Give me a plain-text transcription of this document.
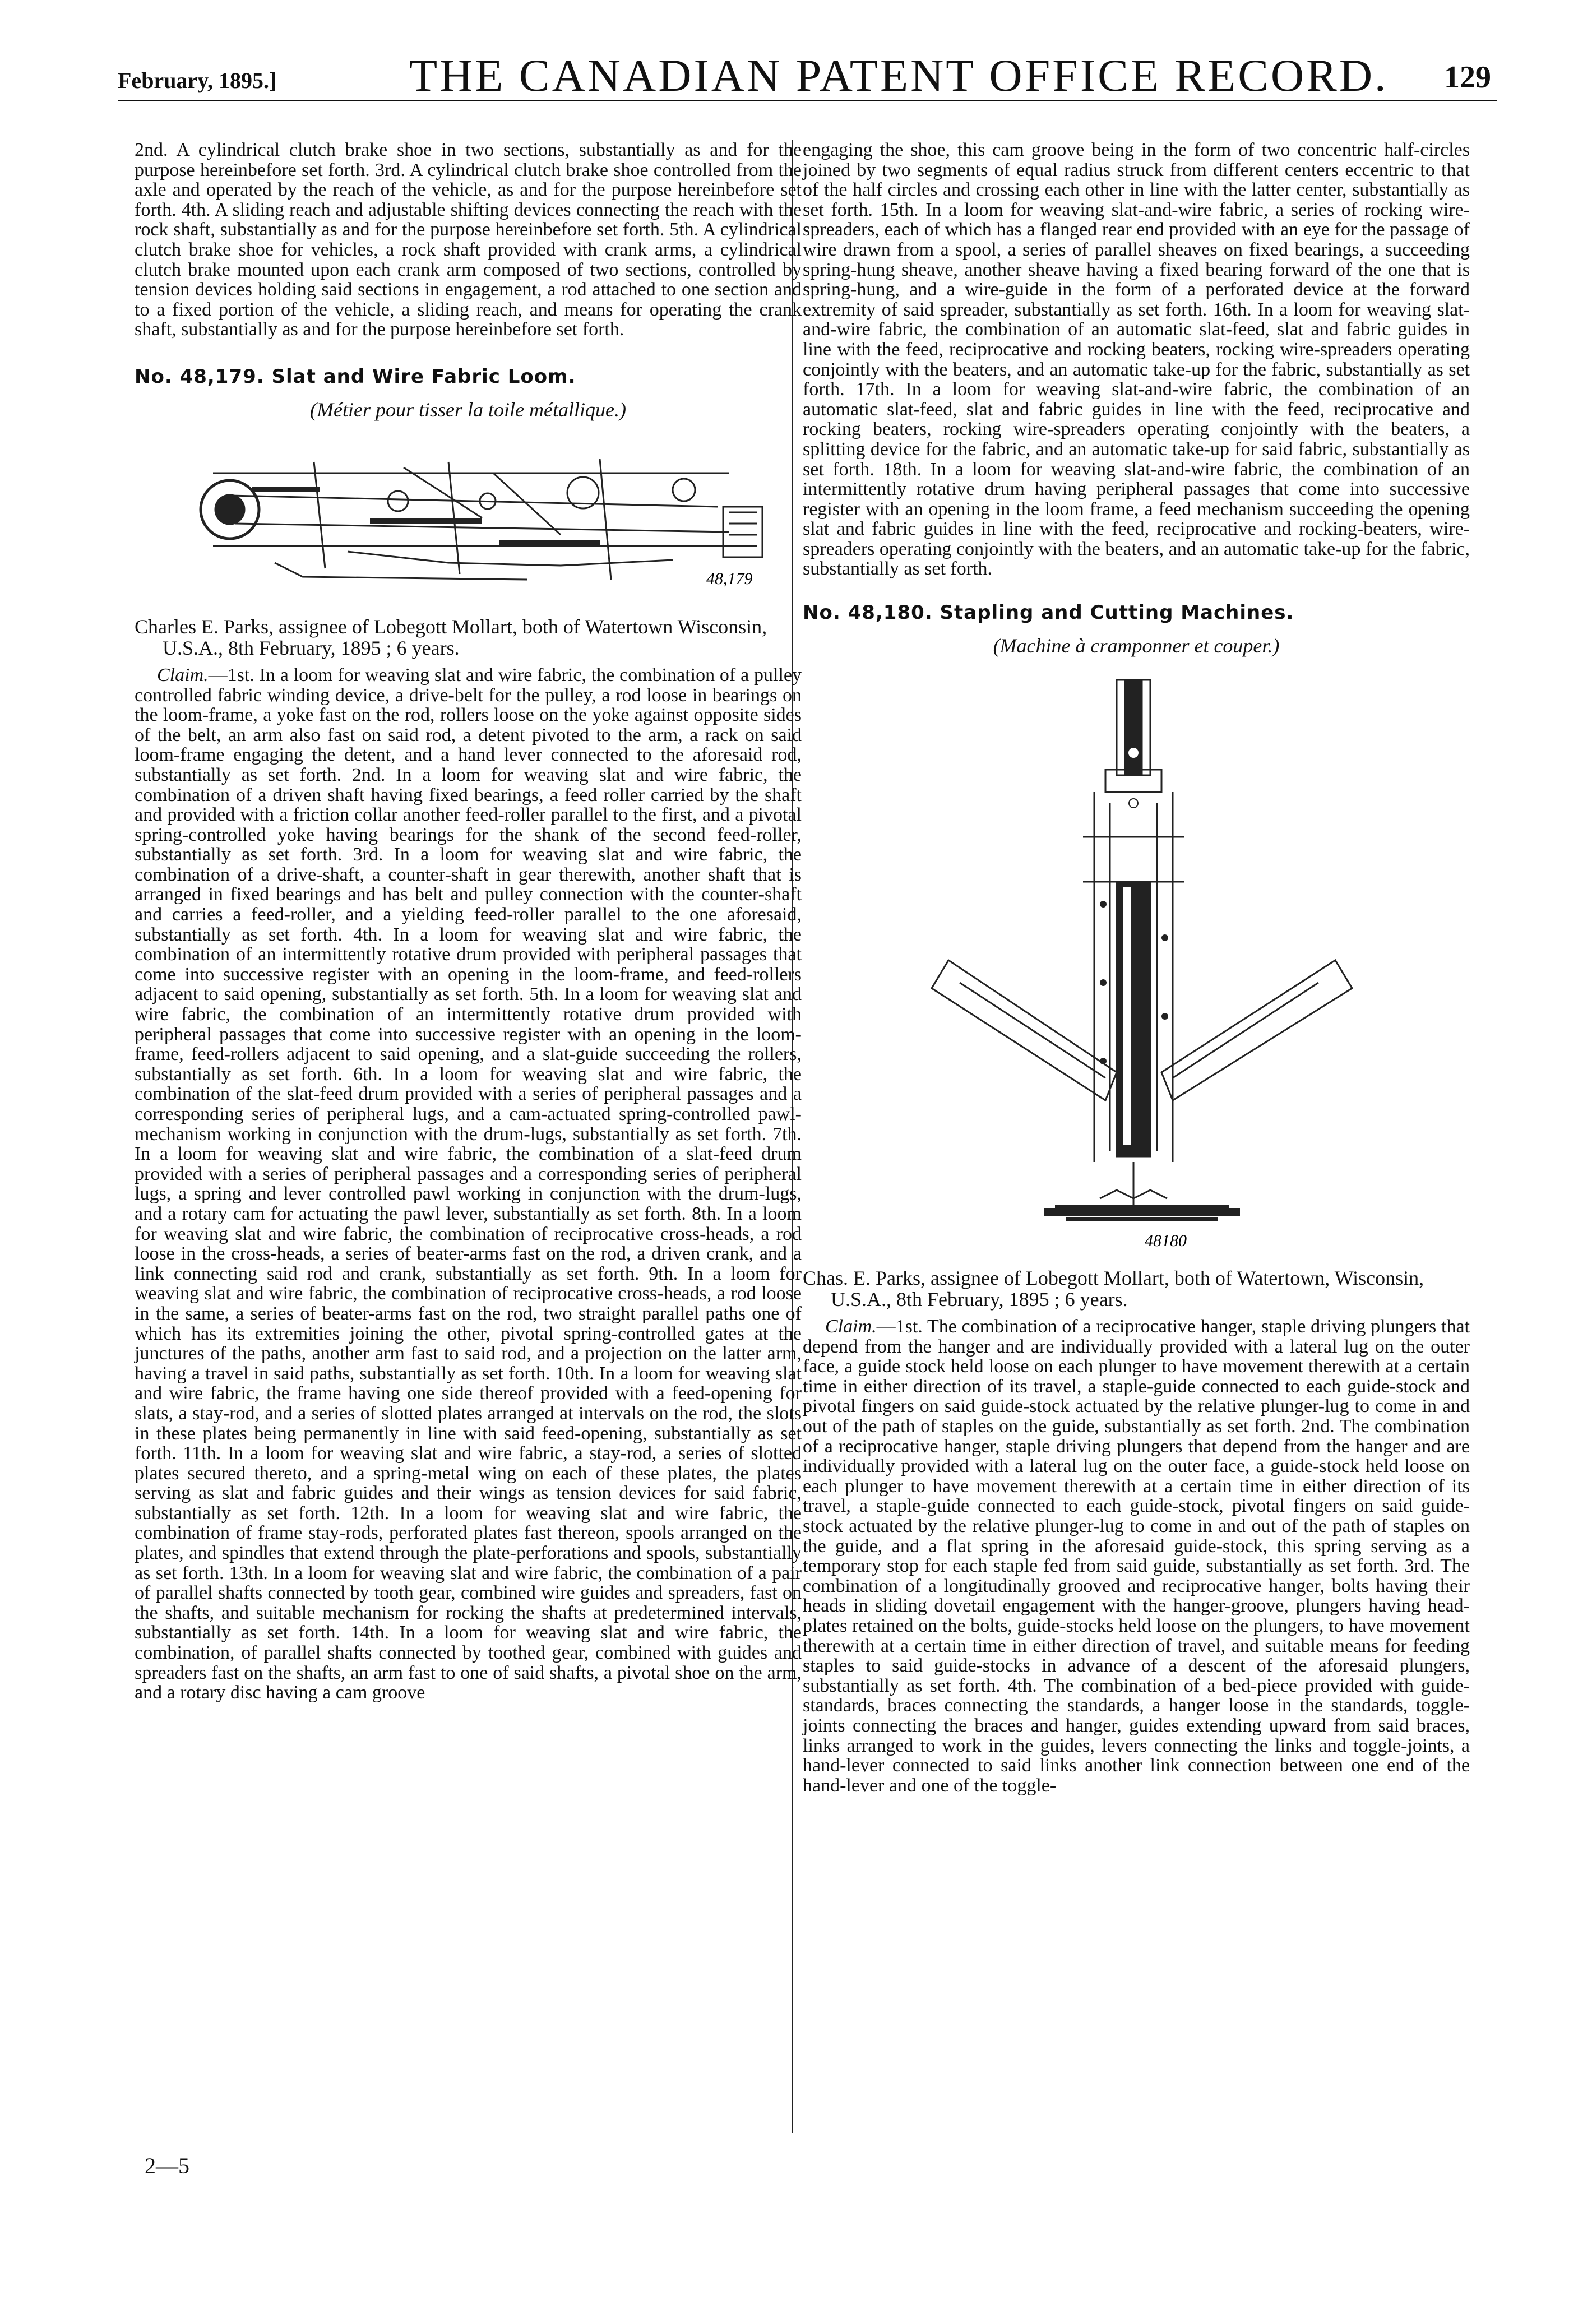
February, 1895.]	THE CANADIAN PATENT OFFICE RECORD. 129

2nd. A cylindrical clutch brake shoe in two sections, substantially as and for the purpose hereinbefore set forth. 3rd. A cylindrical clutch brake shoe controlled from the axle and operated by the reach of the vehicle, as and for the purpose hereinbefore set forth. 4th. A sliding reach and adjustable shifting devices connecting the reach with the rock shaft, substantially as and for the purpose hereinbefore set forth. 5th. A cylindrical clutch brake shoe for vehicles, a rock shaft provided with crank arms, a cylindrical clutch brake mounted upon each crank arm composed of two sections, controlled by tension devices holding said sections in engagement, a rod attached to one section and to a fixed portion of the vehicle, a sliding reach, and means for operating the crank shaft, substantially as and for the purpose hereinbefore set forth.

No. 48,179. Slat and Wire Fabric Loom.

(Métier pour tisser la toile métallique.)

48,179

Charles E. Parks, assignee of Lobegott Mollart, both of Watertown Wisconsin, U.S.A., 8th February, 1895 ; 6 years.

Claim.—1st. In a loom for weaving slat and wire fabric, the combination of a pulley controlled fabric winding device, a drive-belt for the pulley, a rod loose in bearings on the loom-frame, a yoke fast on the rod, rollers loose on the yoke against opposite sides of the belt, an arm also fast on said rod, a detent pivoted to the arm, a rack on said loom-frame engaging the detent, and a hand lever connected to the aforesaid rod, substantially as set forth. 2nd. In a loom for weaving slat and wire fabric, the combination of a driven shaft having fixed bearings, a feed roller carried by the shaft and provided with a friction collar another feed-roller parallel to the first, and a pivotal spring-controlled yoke having bearings for the shank of the second feed-roller, substantially as set forth. 3rd. In a loom for weaving slat and wire fabric, the combination of a drive-shaft, a counter-shaft in gear therewith, another shaft that is arranged in fixed bearings and has belt and pulley connection with the counter-shaft and carries a feed-roller, and a yielding feed-roller parallel to the one aforesaid, substantially as set forth. 4th. In a loom for weaving slat and wire fabric, the combination of an intermittently rotative drum provided with peripheral passages that come into successive register with an opening in the loom-frame, and feed-rollers adjacent to said opening, substantially as set forth. 5th. In a loom for weaving slat and wire fabric, the combination of an intermittently rotative drum provided with peripheral passages that come into successive register with an opening in the loom-frame, feed-rollers adjacent to said opening, and a slat-guide succeeding the rollers, substantially as set forth. 6th. In a loom for weaving slat and wire fabric, the combination of the slat-feed drum provided with a series of peripheral passages and a corresponding series of peripheral lugs, and a cam-actuated spring-controlled pawl-mechanism working in conjunction with the drum-lugs, substantially as set forth. 7th. In a loom for weaving slat and wire fabric, the combination of a slat-feed drum provided with a series of peripheral passages and a corresponding series of peripheral lugs, a spring and lever controlled pawl working in conjunction with the drum-lugs, and a rotary cam for actuating the pawl lever, substantially as set forth. 8th. In a loom for weaving slat and wire fabric, the combination of reciprocative cross-heads, a rod loose in the cross-heads, a series of beater-arms fast on the rod, a driven crank, and a link connecting said rod and crank, substantially as set forth. 9th. In a loom for weaving slat and wire fabric, the combination of reciprocative cross-heads, a rod loose in the same, a series of beater-arms fast on the rod, two straight parallel paths one of which has its extremities joining the other, pivotal spring-controlled gates at the junctures of the paths, another arm fast to said rod, and a projection on the latter arm, having a travel in said paths, substantially as set forth. 10th. In a loom for weaving slat and wire fabric, the frame having one side thereof provided with a feed-opening for slats, a stay-rod, and a series of slotted plates arranged at intervals on the rod, the slots in these plates being permanently in line with said feed-opening, substantially as set forth. 11th. In a loom for weaving slat and wire fabric, a stay-rod, a series of slotted plates secured thereto, and a spring-metal wing on each of these plates, the plates serving as slat and fabric guides and their wings as tension devices for said fabric, substantially as set forth. 12th. In a loom for weaving slat and wire fabric, the combination of frame stay-rods, perforated plates fast thereon, spools arranged on the plates, and spindles that extend through the plate-perforations and spools, substantially as set forth. 13th. In a loom for weaving slat and wire fabric, the combination of a pair of parallel shafts connected by tooth gear, combined wire guides and spreaders, fast on the shafts, and suitable mechanism for rocking the shafts at predetermined intervals, substantially as set forth. 14th. In a loom for weaving slat and wire fabric, the combination, of parallel shafts connected by toothed gear, combined with guides and spreaders fast on the shafts, an arm fast to one of said shafts, a pivotal shoe on the arm, and a rotary disc having a cam groove

engaging the shoe, this cam groove being in the form of two concentric half-circles joined by two segments of equal radius struck from different centers eccentric to that of the half circles and crossing each other in line with the latter center, substantially as set forth. 15th. In a loom for weaving slat-and-wire fabric, a series of rocking wire-spreaders, each of which has a flanged rear end provided with an eye for the passage of wire drawn from a spool, a series of parallel sheaves on fixed bearings, a succeeding spring-hung sheave, another sheave having a fixed bearing forward of the one that is spring-hung, and a wire-guide in the form of a perforated device at the forward extremity of said spreader, substantially as set forth. 16th. In a loom for weaving slat-and-wire fabric, the combination of an automatic slat-feed, slat and fabric guides in line with the feed, reciprocative and rocking beaters, rocking wire-spreaders operating conjointly with the beaters, and an automatic take-up for the fabric, substantially as set forth. 17th. In a loom for weaving slat-and-wire fabric, the combination of an automatic slat-feed, slat and fabric guides in line with the feed, reciprocative and rocking beaters, rocking wire-spreaders operating conjointly with the beaters, a splitting device for the fabric, and an automatic take-up for said fabric, substantially as set forth. 18th. In a loom for weaving slat-and-wire fabric, the combination of an intermittently rotative drum having peripheral passages that come into successive register with an opening in the loom frame, a feed mechanism succeeding the opening slat and fabric guides in line with the feed, reciprocative and rocking-beaters, wire-spreaders operating conjointly with the beaters, and an automatic take-up for the fabric, substantially as set forth.

No. 48,180. Stapling and Cutting Machines.

(Machine à cramponner et couper.)

48180

Chas. E. Parks, assignee of Lobegott Mollart, both of Watertown, Wisconsin, U.S.A., 8th February, 1895 ; 6 years.

Claim.—1st. The combination of a reciprocative hanger, staple driving plungers that depend from the hanger and are individually provided with a lateral lug on the outer face, a guide stock held loose on each plunger to have movement therewith at a certain time in either direction of its travel, a staple-guide connected to each guide-stock and pivotal fingers on said guide-stock actuated by the relative plunger-lug to come in and out of the path of staples on the guide, substantially as set forth. 2nd. The combination of a reciprocative hanger, staple driving plungers that depend from the hanger and are individually provided with a lateral lug on the outer face, a guide-stock held loose on each plunger to have movement therewith at a certain time in either direction of its travel, a staple-guide connected to each guide-stock, pivotal fingers on said guide-stock actuated by the relative plunger-lug to come in and out of the path of staples on the guide, and a flat spring in the aforesaid guide-stock, this spring serving as a temporary stop for each staple fed from said guide, substantially as set forth. 3rd. The combination of a longitudinally grooved and reciprocative hanger, bolts having their heads in sliding dovetail engagement with the hanger-groove, plungers having head-plates retained on the bolts, guide-stocks held loose on the plungers, to have movement therewith at a certain time in either direction of travel, and suitable means for feeding staples to said guide-stocks in advance of a descent of the aforesaid plungers, substantially as set forth. 4th. The combination of a bed-piece provided with guide-standards, braces connecting the standards, a hanger loose in the standards, toggle-joints connecting the braces and hanger, guides extending upward from said braces, links arranged to work in the guides, levers connecting the links and toggle-joints, a hand-lever connected to said links another link connection between one end of the hand-lever and one of the toggle-

2—5
